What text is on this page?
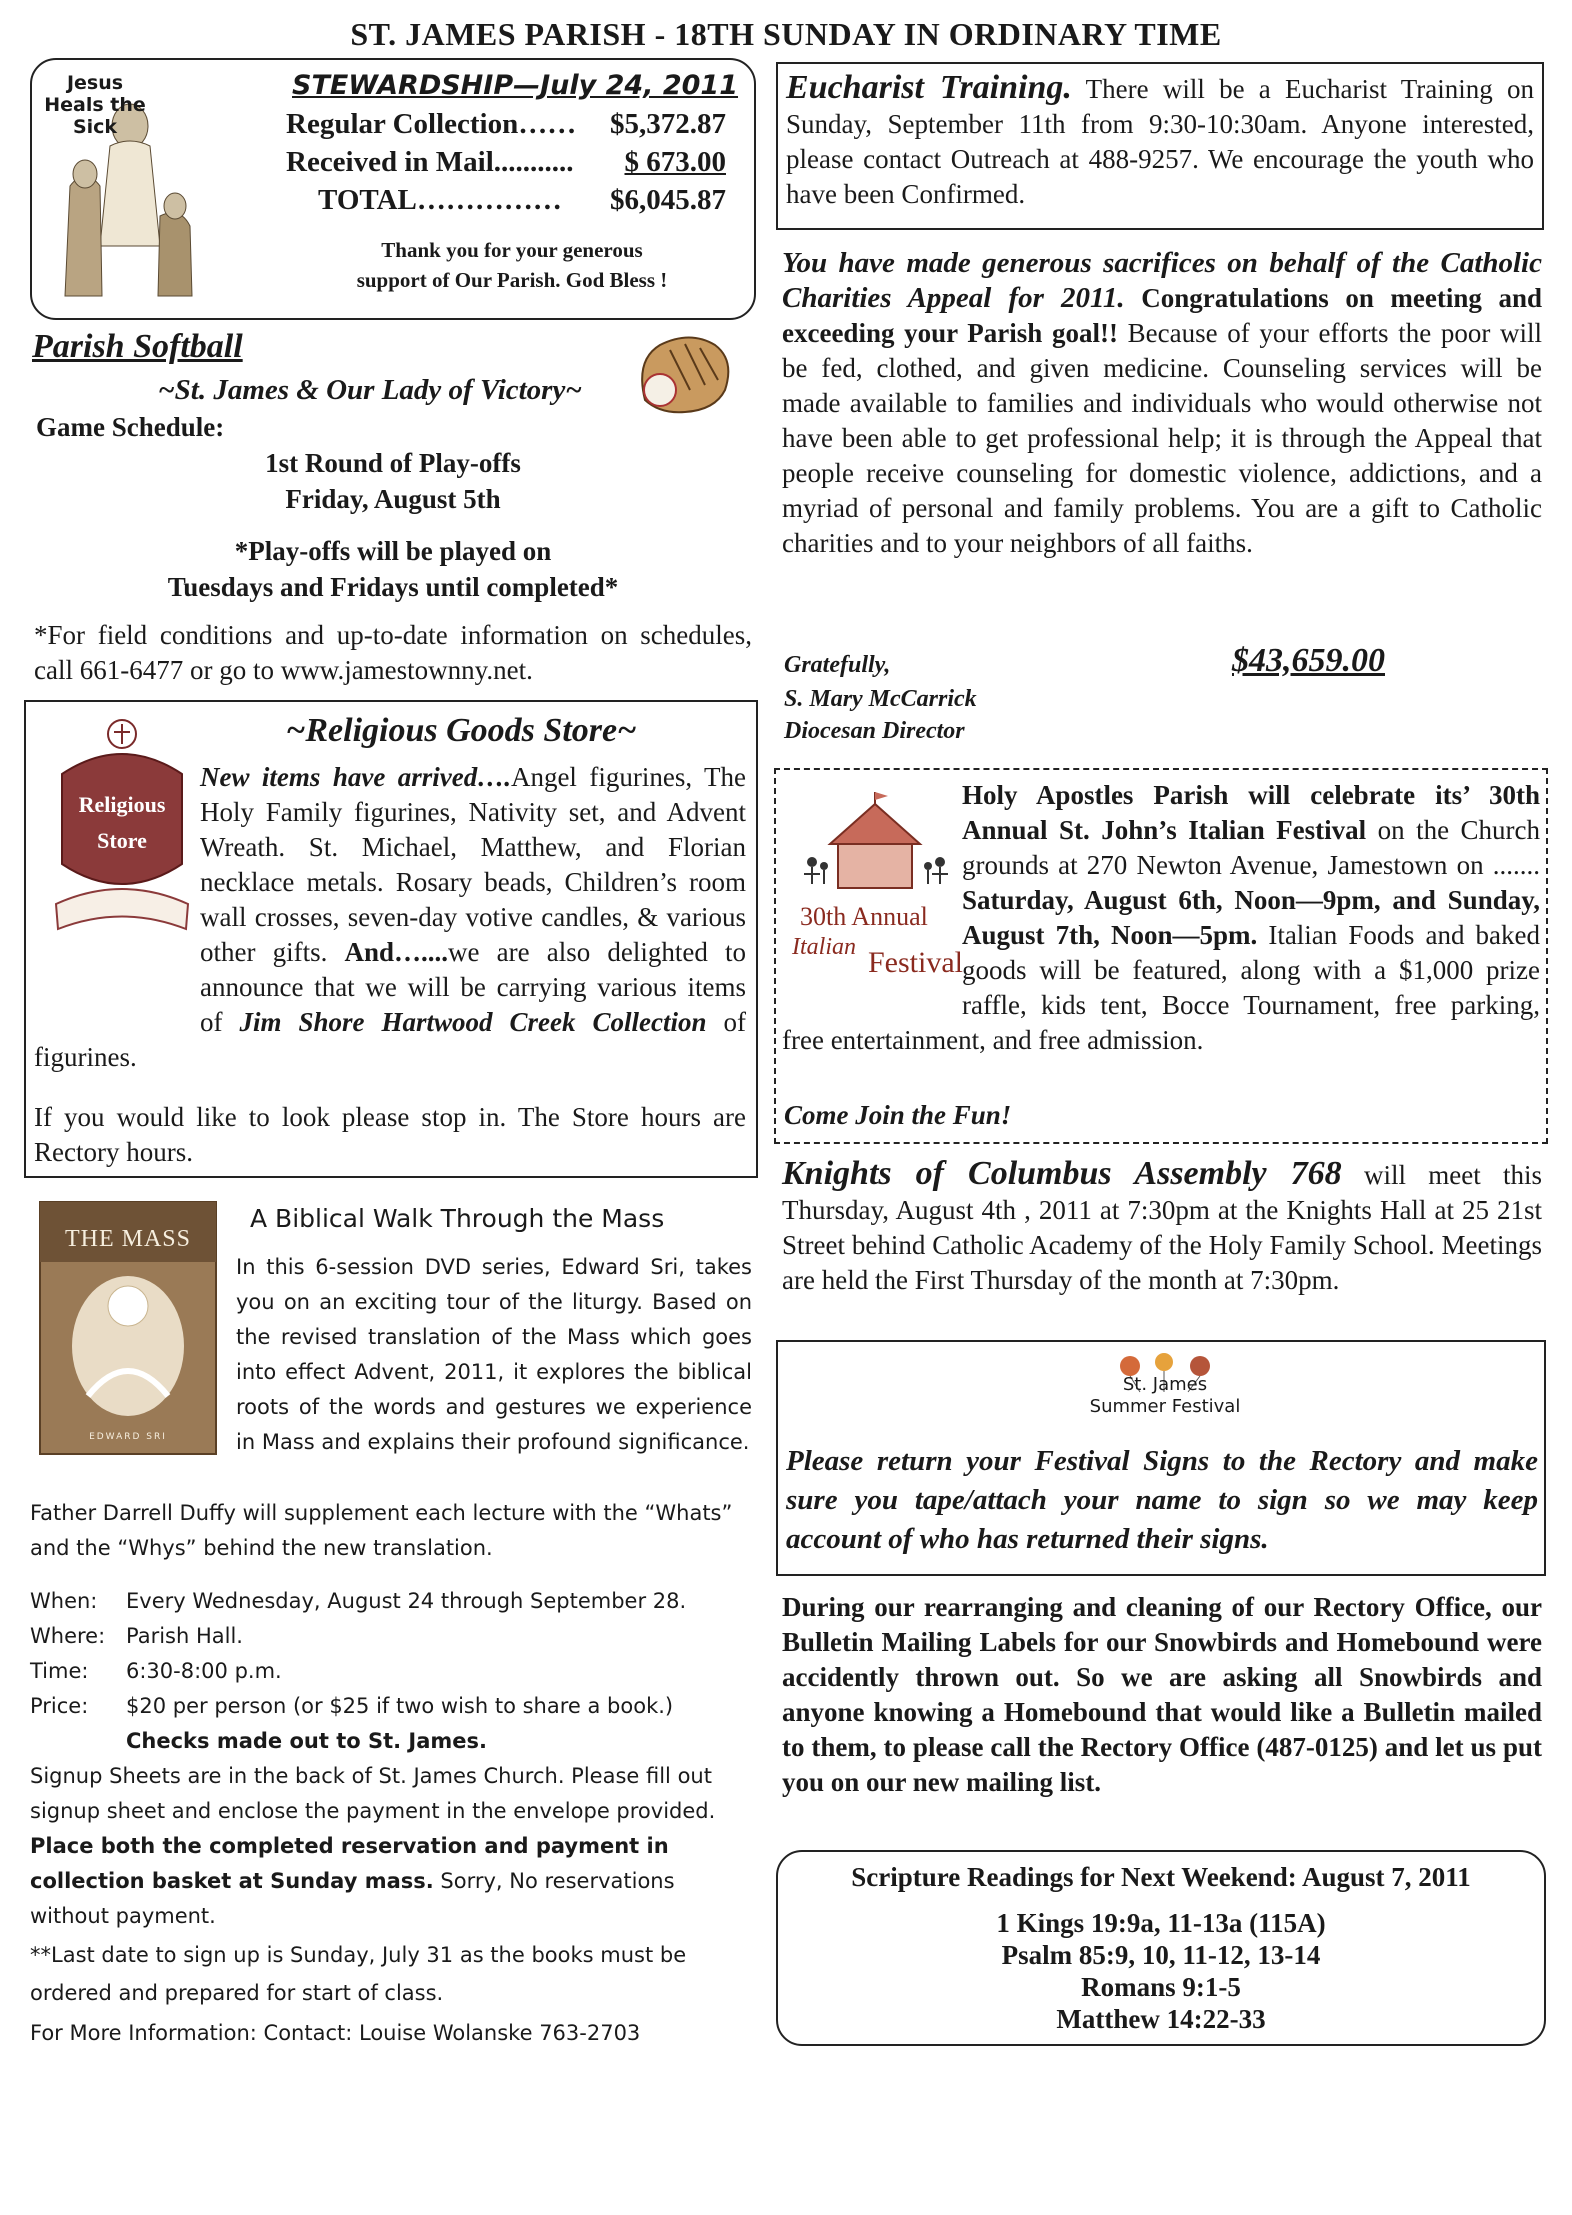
ST. JAMES PARISH - 18TH SUNDAY IN ORDINARY TIME
Jesus Heals the Sick
STEWARDSHIP—July 24, 2011
Regular Collection…… $5,372.87
Received in Mail........... $ 673.00
TOTAL…………… $6,045.87
Thank you for your generous
support of Our Parish. God Bless !
Parish Softball
~St. James & Our Lady of Victory~
Game Schedule:
1st Round of Play-offs
Friday, August 5th
*Play-offs will be played on
Tuesdays and Fridays until completed*
*For field conditions and up-to-date information on schedules, call 661-6477 or go to www.jamestownny.net.
Religious
Store
~Religious Goods Store~
New items have arrived….Angel figurines, The Holy Family figurines, Nativity set, and Advent Wreath. St. Michael, Matthew, and Florian necklace metals. Rosary beads, Children’s room wall crosses, seven-day votive candles, & various other gifts. And…....we are also delighted to announce that we will be carrying various items of Jim Shore Hartwood Creek Collection of figurines.
If you would like to look please stop in. The Store hours are Rectory hours.
THE MASS
EDWARD SRI
A Biblical Walk Through the Mass
In this 6-session DVD series, Edward Sri, takes you on an exciting tour of the liturgy. Based on the revised translation of the Mass which goes into effect Advent, 2011, it explores the biblical roots of the words and gestures we experience in Mass and explains their profound significance.
Father Darrell Duffy will supplement each lecture with the “Whats” and the “Whys” behind the new translation.
When: Every Wednesday, August 24 through September 28.
Where: Parish Hall.
Time: 6:30-8:00 p.m.
Price: $20 per person (or $25 if two wish to share a book.)
Checks made out to St. James.
Signup Sheets are in the back of St. James Church. Please fill out signup sheet and enclose the payment in the envelope provided. Place both the completed reservation and payment in collection basket at Sunday mass. Sorry, No reservations without payment.
**Last date to sign up is Sunday, July 31 as the books must be ordered and prepared for start of class.
For More Information: Contact: Louise Wolanske 763-2703
Eucharist Training. There will be a Eucharist Training on Sunday, September 11th from 9:30-10:30am. Anyone interested, please contact Outreach at 488-9257. We encourage the youth who have been Confirmed.
You have made generous sacrifices on behalf of the Catholic Charities Appeal for 2011. Congratulations on meeting and exceeding your Parish goal!! Because of your efforts the poor will be fed, clothed, and given medicine. Counseling services will be made available to families and individuals who would otherwise not have been able to get professional help; it is through the Appeal that people receive counseling for domestic violence, addictions, and a myriad of personal and family problems. You are a gift to Catholic charities and to your neighbors of all faiths.
Gratefully,	$43,659.00
S. Mary McCarrick
Diocesan Director
30th Annual
Italian Festival
Holy Apostles Parish will celebrate its’ 30th Annual St. John’s Italian Festival on the Church grounds at 270 Newton Avenue, Jamestown on ....... Saturday, August 6th, Noon—9pm, and Sunday, August 7th, Noon—5pm. Italian Foods and baked goods will be featured, along with a $1,000 prize raffle, kids tent, Bocce Tournament, free parking, free entertainment, and free admission.
Come Join the Fun!
Knights of Columbus Assembly 768 will meet this Thursday, August 4th , 2011 at 7:30pm at the Knights Hall at 25 21st Street behind Catholic Academy of the Holy Family School. Meetings are held the First Thursday of the month at 7:30pm.
St. James
Summer Festival
Please return your Festival Signs to the Rectory and make sure you tape/attach your name to sign so we may keep account of who has returned their signs.
During our rearranging and cleaning of our Rectory Office, our Bulletin Mailing Labels for our Snowbirds and Homebound were accidently thrown out. So we are asking all Snowbirds and anyone knowing a Homebound that would like a Bulletin mailed to them, to please call the Rectory Office (487-0125) and let us put you on our new mailing list.
Scripture Readings for Next Weekend: August 7, 2011
1 Kings 19:9a, 11-13a (115A)
Psalm 85:9, 10, 11-12, 13-14
Romans 9:1-5
Matthew 14:22-33
